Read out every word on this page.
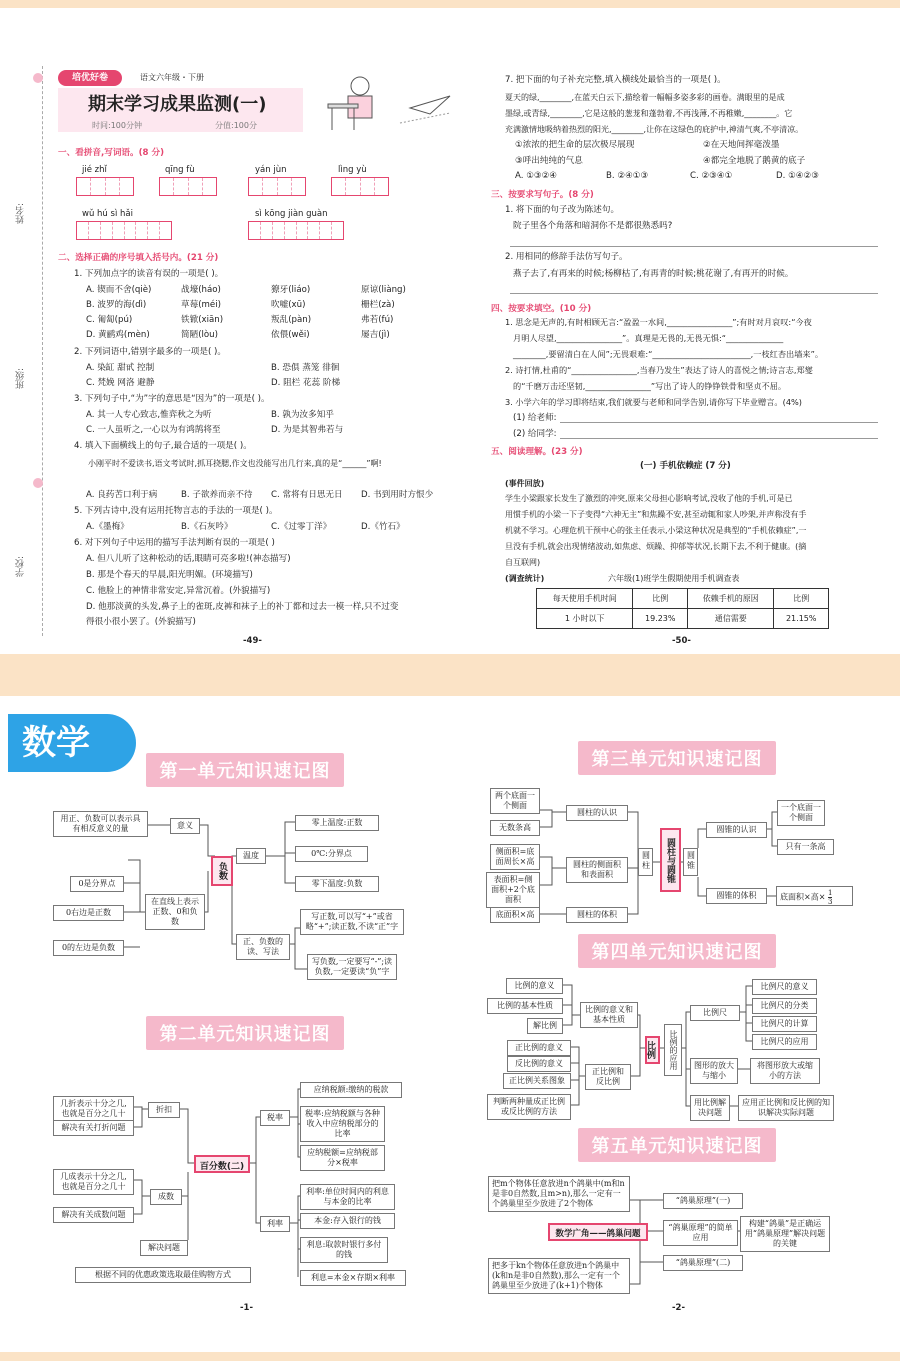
姓名:
班级:
学校:
培优好卷	语文六年级・下册
期末学习成果监测(一)
时间:100分钟	分值:100分
一、看拼音,写词语。(8 分)
jié zhǐ	qīng fù	yán jùn	lìng yù
wǔ hú sì hǎi	sì kōng jiàn guàn
二、选择正确的序号填入括号内。(21 分)
1. 下列加点字的读音有误的一项是( )。
A. 锲而不舍(qiè)	战壕(háo)	獠牙(liáo)	原谅(liàng)
B. 波罗的海(dì)	草莓(méi)	吹嘘(xū)	栅栏(zà)
C. 匍匐(pú)	铁锨(xiān)	叛乱(pàn)	弗若(fú)
D. 黄鹂鸡(mèn)	简陋(lòu)	依偎(wěi)	屡吉(jì)
2. 下列词语中,错别字最多的一项是( )。
A. 染缸 甜甙 控制	B. 恐俱 蒸笼 徘徊
C. 梵娩 网洛 避静	D. 阻栏 花蕊 阶梯
3. 下列句子中,“为”字的意思是“因为”的一项是( )。
A. 其一人专心致志,惟弈秋之为听	B. 孰为汝多知乎
C. 一人虽听之,一心以为有鸿鹄将至	D. 为是其智弗若与
4. 填入下面横线上的句子,最合适的一项是( )。
小刚平时不爱读书,语文考试时,抓耳挠腮,作文也没能写出几行来,真的是“______”啊!
A. 良药苦口利于病	B. 子欲养而亲不待 C. 常将有日思无日 D. 书到用时方恨少
5. 下列古诗中,没有运用托物言志的手法的一项是( )。
A.《墨梅》	B.《石灰吟》	C.《过零丁洋》	D.《竹石》
6. 对下列句子中运用的描写手法判断有误的一项是( )
A. 但八儿听了这种松动的话,眼睛可亮多啦!(神态描写)
B. 那是个春天的早晨,阳光明媚。(环境描写)
C. 他脸上的神情非常安定,异常沉着。(外貌描写)
D. 他那淡黄的头发,鼻子上的雀斑,皮裤和袜子上的补丁都和过去一模一样,只不过变
得很小很小罢了。(外貌描写)
-49-
7. 把下面的句子补充完整,填入横线处最恰当的一项是( )。
夏天的绿,________,在蓝天白云下,描绘着一幅幅多姿多彩的画卷。满眼里的是成
墨绿,或青绿,________,它是这般的葱茏和蓬勃着,不再浅薄,不再稚嫩,________。它
充满激情地吸纳着热烈的阳光,________,让你在这绿色的庇护中,神清气爽,不亭清凉。
①浓浓的把生命的层次极尽展现	②在天地间挥毫泼墨
③呼出纯纯的气息	④都完全地脱了鹅黄的底子
A. ①③②④	B. ②④①③	C. ②③④①	D. ①④②③
三、按要求写句子。(8 分)
1. 将下面的句子改为陈述句。
院子里各个角落和暗洞你不是都很熟悉吗?
2. 用相同的修辞手法仿写句子。
燕子去了,有再来的时候;杨柳枯了,有再青的时候;桃花谢了,有再开的时候。
四、按要求填空。(10 分)
1. 思念是无声的,有时相顾无言:“盈盈一水间,________________”;有时对月哀叹:“今夜
月明人尽望,________________”。真理是无畏的,无畏无惧:“______________
________,要留清白在人间”;无畏艰难:“________________________,一枝红杏出墙来”。
2. 诗打情,杜甫的“________________,当春乃发生”表达了诗人的喜悦之情;诗言志,郑燮
的“千磨万击还坚韧,________________”写出了诗人的铮铮铁骨和坚贞不屈。
3. 小学六年的学习即将结束,我们就要与老师和同学告别,请你写下毕业赠言。(4%)
(1) 给老师:
(2) 给同学:
五、阅读理解。(23 分)
(一) 手机依赖症 (7 分)
(事件回放)
学生小梁跟家长发生了激烈的冲突,原来父母担心影响考试,没收了他的手机,可是已
用惯手机的小梁一下子变得“六神无主”和焦躁不安,甚至动辄和家人吵架,并声称没有手
机就不学习。心理危机干预中心的张主任表示,小梁这种状况是典型的“手机依赖症”,一
旦没有手机,就会出现情绪波动,如焦虑、烦躁、抑郁等状况,长期下去,不利于健康。(摘
自互联网)
(调查统计)	六年级(1)班学生假期使用手机调查表
每天使用手机时间	比例	依赖手机的原因	比例
1 小时以下	19.23%	通信需要	21.15%
-50-
数学
第一单元知识速记图
用正、负数可以表示具有相反意义的量	意义
负数
温度
零上温度:正数
0℃:分界点
零下温度:负数
0是分界点
0右边是正数
0的左边是负数
在直线上表示正数、0和负数
正、负数的读、写法
写正数,可以写“+”或省略“+”;读正数,不读“正”字
写负数,一定要写“-”;读负数,一定要读“负”字
第二单元知识速记图
几折表示十分之几,也就是百分之几十	折扣
解决有关打折问题
几成表示十分之几,也就是百分之几十
成数
解决有关成数问题
解决问题
根据不同的优惠政策选取最佳购物方式
百分数(二)
税率
应纳税额:缴纳的税款
税率:应纳税额与各种收入中应纳税部分的比率
应纳税额=应纳税部分×税率
利率
利率:单位时间内的利息与本金的比率
本金:存入银行的钱
利息:取款时银行多付的钱
利息=本金×存期×利率
-1-
第三单元知识速记图
两个底面一个侧面
无数条高
圆柱的认识
侧面积=底面周长×高
表面积=侧面积+2个底面积
圆柱的侧面积和表面积
底面积×高	圆柱的体积
圆柱	圆柱与圆锥	圆锥
圆锥的认识
一个底面一个侧面
只有一条高
圆锥的体积	底面积×高× $\frac{1}{3}$
第四单元知识速记图
比例的意义
比例的基本性质
解比例
比例的意义和基本性质
正比例的意义
反比例的意义
正比例关系图象
判断两种量成正比例或反比例的方法
正比例和反比例
比例	比例的应用
比例尺
比例尺的意义
比例尺的分类
比例尺的计算
比例尺的应用
图形的放大与缩小
将图形放大或缩小的方法
用比例解决问题
应用正比例和反比例的知识解决实际问题
第五单元知识速记图
把m个物体任意放进n个鸽巢中(m和n是非0自然数,且m>n),那么一定有一个鸽巢里至少放进了2个物体
数学广角——鸽巢问题
把多于kn个物体任意放进n个鸽巢中(k和n是非0自然数),那么一定有一个鸽巢里至少放进了(k+1)个物体
“鸽巢原理”(一)
“鸽巢原理”的简单应用
“鸽巢原理”(二)
构建“鸽巢”是正确运用“鸽巢原理”解决问题的关键
-2-
